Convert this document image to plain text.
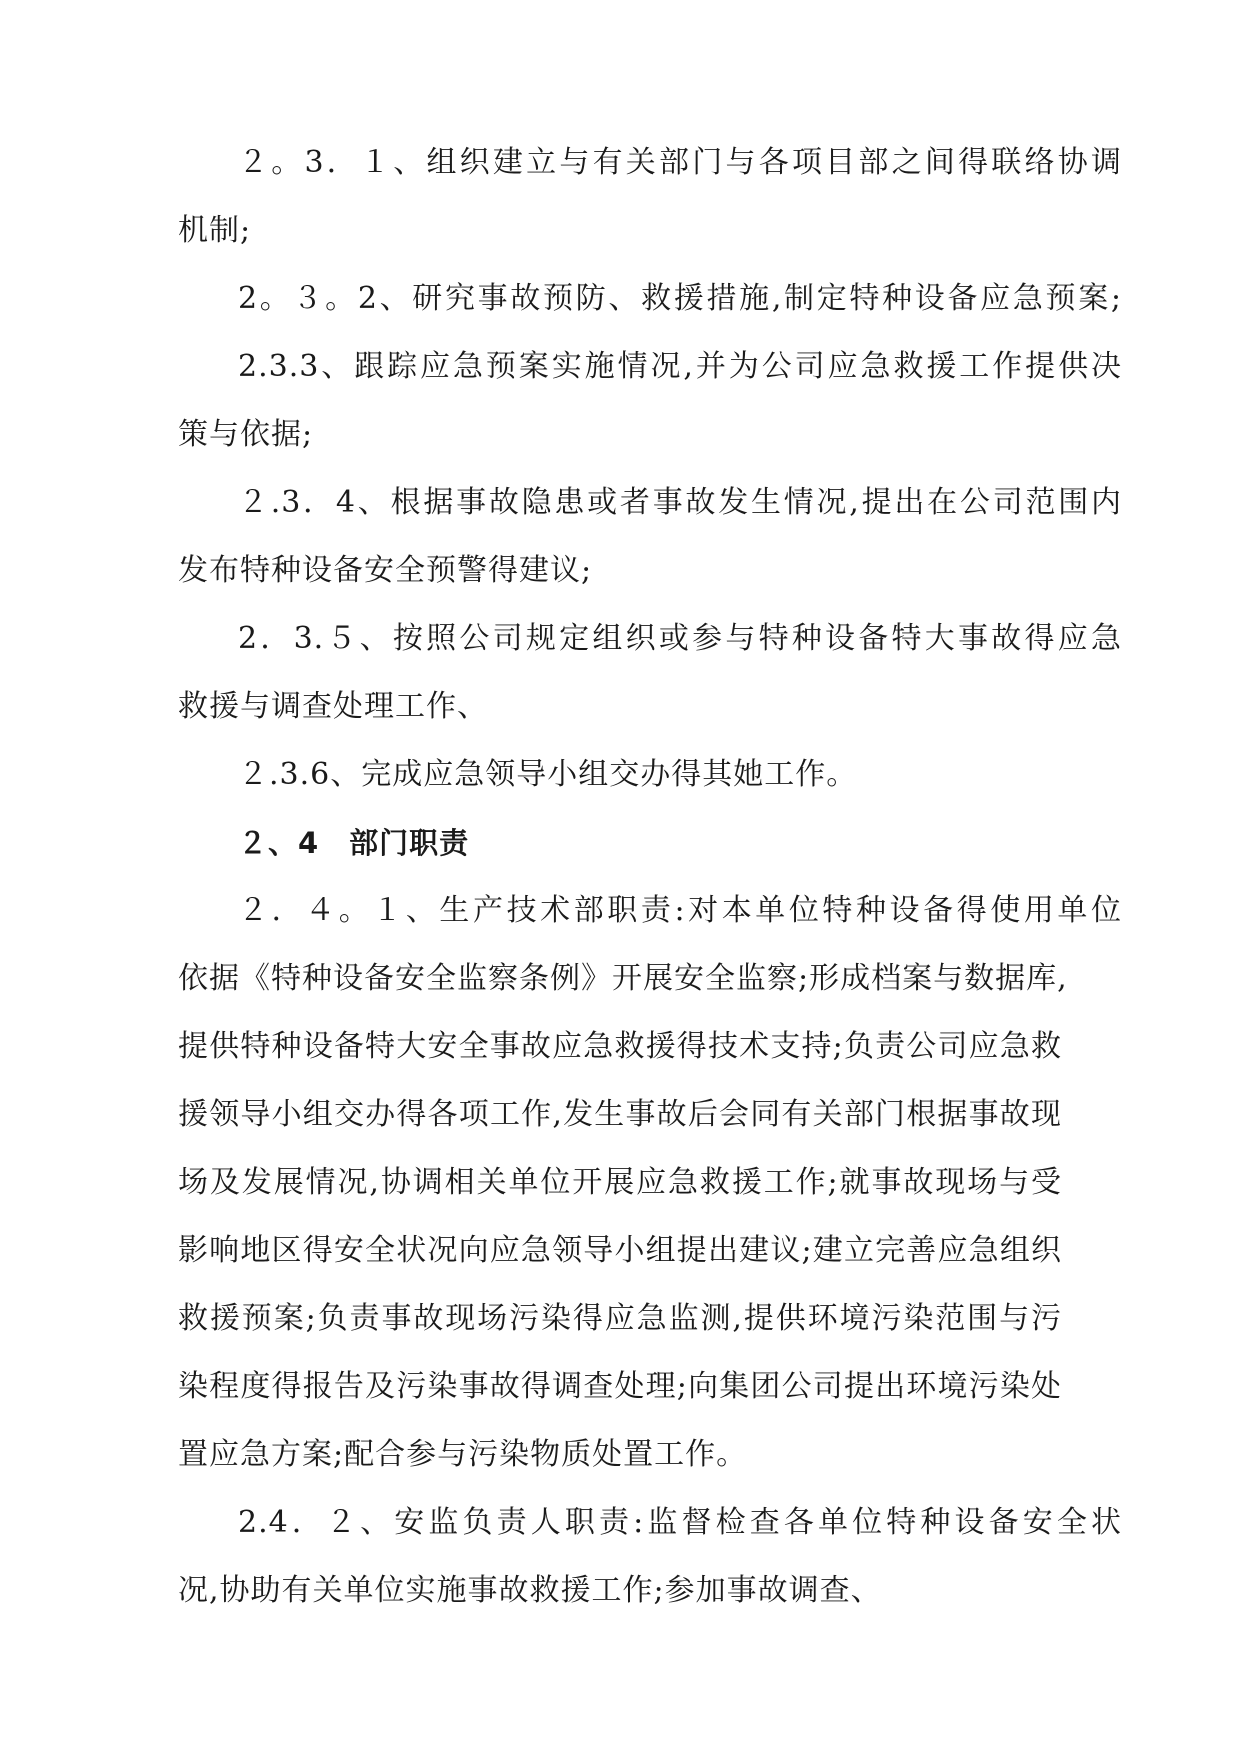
２。3．１、组织建立与有关部门与各项目部之间得联络协调
机制;
2。３。2、研究事故预防、救援措施,制定特种设备应急预案;
2.3.3、跟踪应急预案实施情况,并为公司应急救援工作提供决
策与依据;
２.3．4、根据事故隐患或者事故发生情况,提出在公司范围内
发布特种设备安全预警得建议;
2．3.５、按照公司规定组织或参与特种设备特大事故得应急
救援与调查处理工作、
２.3.6、完成应急领导小组交办得其她工作。
２、4　部门职责
２．４。１、生产技术部职责:对本单位特种设备得使用单位
依据《特种设备安全监察条例》开展安全监察;形成档案与数据库,
提供特种设备特大安全事故应急救援得技术支持;负责公司应急救
援领导小组交办得各项工作,发生事故后会同有关部门根据事故现
场及发展情况,协调相关单位开展应急救援工作;就事故现场与受
影响地区得安全状况向应急领导小组提出建议;建立完善应急组织
救援预案;负责事故现场污染得应急监测,提供环境污染范围与污
染程度得报告及污染事故得调查处理;向集团公司提出环境污染处
置应急方案;配合参与污染物质处置工作。
2.4．２、安监负责人职责:监督检查各单位特种设备安全状
况,协助有关单位实施事故救援工作;参加事故调查、
